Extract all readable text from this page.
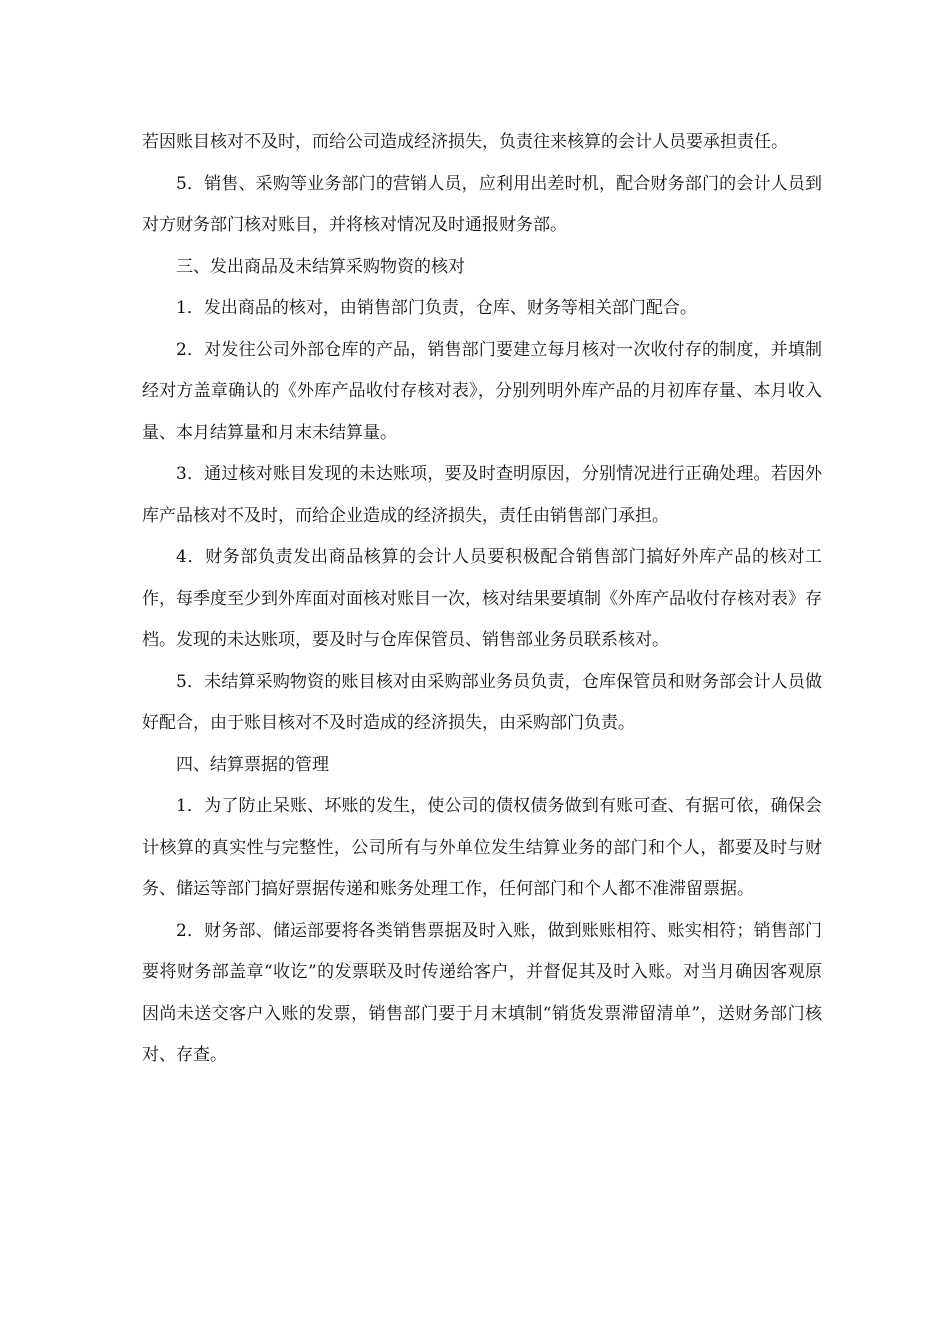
若因账目核对不及时，而给公司造成经济损失，负责往来核算的会计人员要承担责任。

5．销售、采购等业务部门的营销人员，应利用出差时机，配合财务部门的会计人员到对方财务部门核对账目，并将核对情况及时通报财务部。

三、发出商品及未结算采购物资的核对

1．发出商品的核对，由销售部门负责，仓库、财务等相关部门配合。

2．对发往公司外部仓库的产品，销售部门要建立每月核对一次收付存的制度，并填制经对方盖章确认的《外库产品收付存核对表》，分别列明外库产品的月初库存量、本月收入量、本月结算量和月末未结算量。

3．通过核对账目发现的未达账项，要及时查明原因，分别情况进行正确处理。若因外库产品核对不及时，而给企业造成的经济损失，责任由销售部门承担。

4．财务部负责发出商品核算的会计人员要积极配合销售部门搞好外库产品的核对工作，每季度至少到外库面对面核对账目一次，核对结果要填制《外库产品收付存核对表》存档。发现的未达账项，要及时与仓库保管员、销售部业务员联系核对。

5．未结算采购物资的账目核对由采购部业务员负责，仓库保管员和财务部会计人员做好配合，由于账目核对不及时造成的经济损失，由采购部门负责。

四、结算票据的管理

1．为了防止呆账、坏账的发生，使公司的债权债务做到有账可查、有据可依，确保会计核算的真实性与完整性，公司所有与外单位发生结算业务的部门和个人，都要及时与财务、储运等部门搞好票据传递和账务处理工作，任何部门和个人都不准滞留票据。

2．财务部、储运部要将各类销售票据及时入账，做到账账相符、账实相符；销售部门要将财务部盖章“收讫”的发票联及时传递给客户，并督促其及时入账。对当月确因客观原因尚未送交客户入账的发票，销售部门要于月末填制“销货发票滞留清单”，送财务部门核对、存查。
